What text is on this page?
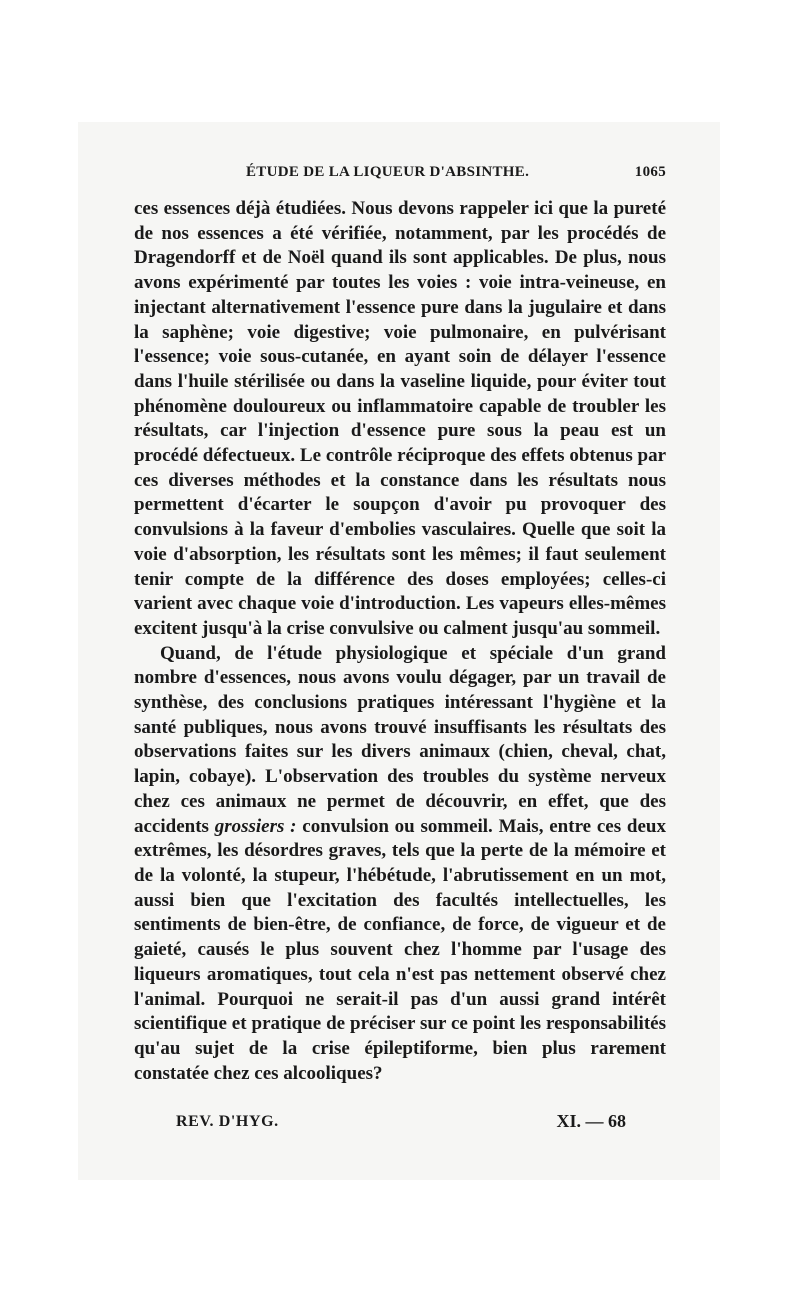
ÉTUDE DE LA LIQUEUR D'ABSINTHE.	1065

ces essences déjà étudiées. Nous devons rappeler ici que la pureté de nos essences a été vérifiée, notamment, par les procédés de Dragendorff et de Noël quand ils sont applicables. De plus, nous avons expérimenté par toutes les voies : voie intra-veineuse, en injectant alternativement l'essence pure dans la jugulaire et dans la saphène; voie digestive; voie pulmonaire, en pulvérisant l'essence; voie sous-cutanée, en ayant soin de délayer l'essence dans l'huile stérilisée ou dans la vaseline liquide, pour éviter tout phénomène douloureux ou inflammatoire capable de troubler les résultats, car l'injection d'essence pure sous la peau est un procédé défectueux. Le contrôle réciproque des effets obtenus par ces diverses méthodes et la constance dans les résultats nous permettent d'écarter le soupçon d'avoir pu provoquer des convulsions à la faveur d'embolies vasculaires. Quelle que soit la voie d'absorption, les résultats sont les mêmes; il faut seulement tenir compte de la différence des doses employées; celles-ci varient avec chaque voie d'introduction. Les vapeurs elles-mêmes excitent jusqu'à la crise convulsive ou calment jusqu'au sommeil.

Quand, de l'étude physiologique et spéciale d'un grand nombre d'essences, nous avons voulu dégager, par un travail de synthèse, des conclusions pratiques intéressant l'hygiène et la santé publiques, nous avons trouvé insuffisants les résultats des observations faites sur les divers animaux (chien, cheval, chat, lapin, cobaye). L'observation des troubles du système nerveux chez ces animaux ne permet de découvrir, en effet, que des accidents grossiers : convulsion ou sommeil. Mais, entre ces deux extrêmes, les désordres graves, tels que la perte de la mémoire et de la volonté, la stupeur, l'hébétude, l'abrutissement en un mot, aussi bien que l'excitation des facultés intellectuelles, les sentiments de bien-être, de confiance, de force, de vigueur et de gaieté, causés le plus souvent chez l'homme par l'usage des liqueurs aromatiques, tout cela n'est pas nettement observé chez l'animal. Pourquoi ne serait-il pas d'un aussi grand intérêt scientifique et pratique de préciser sur ce point les responsabilités qu'au sujet de la crise épileptiforme, bien plus rarement constatée chez ces alcooliques?

REV. D'HYG.	XI. — 68
